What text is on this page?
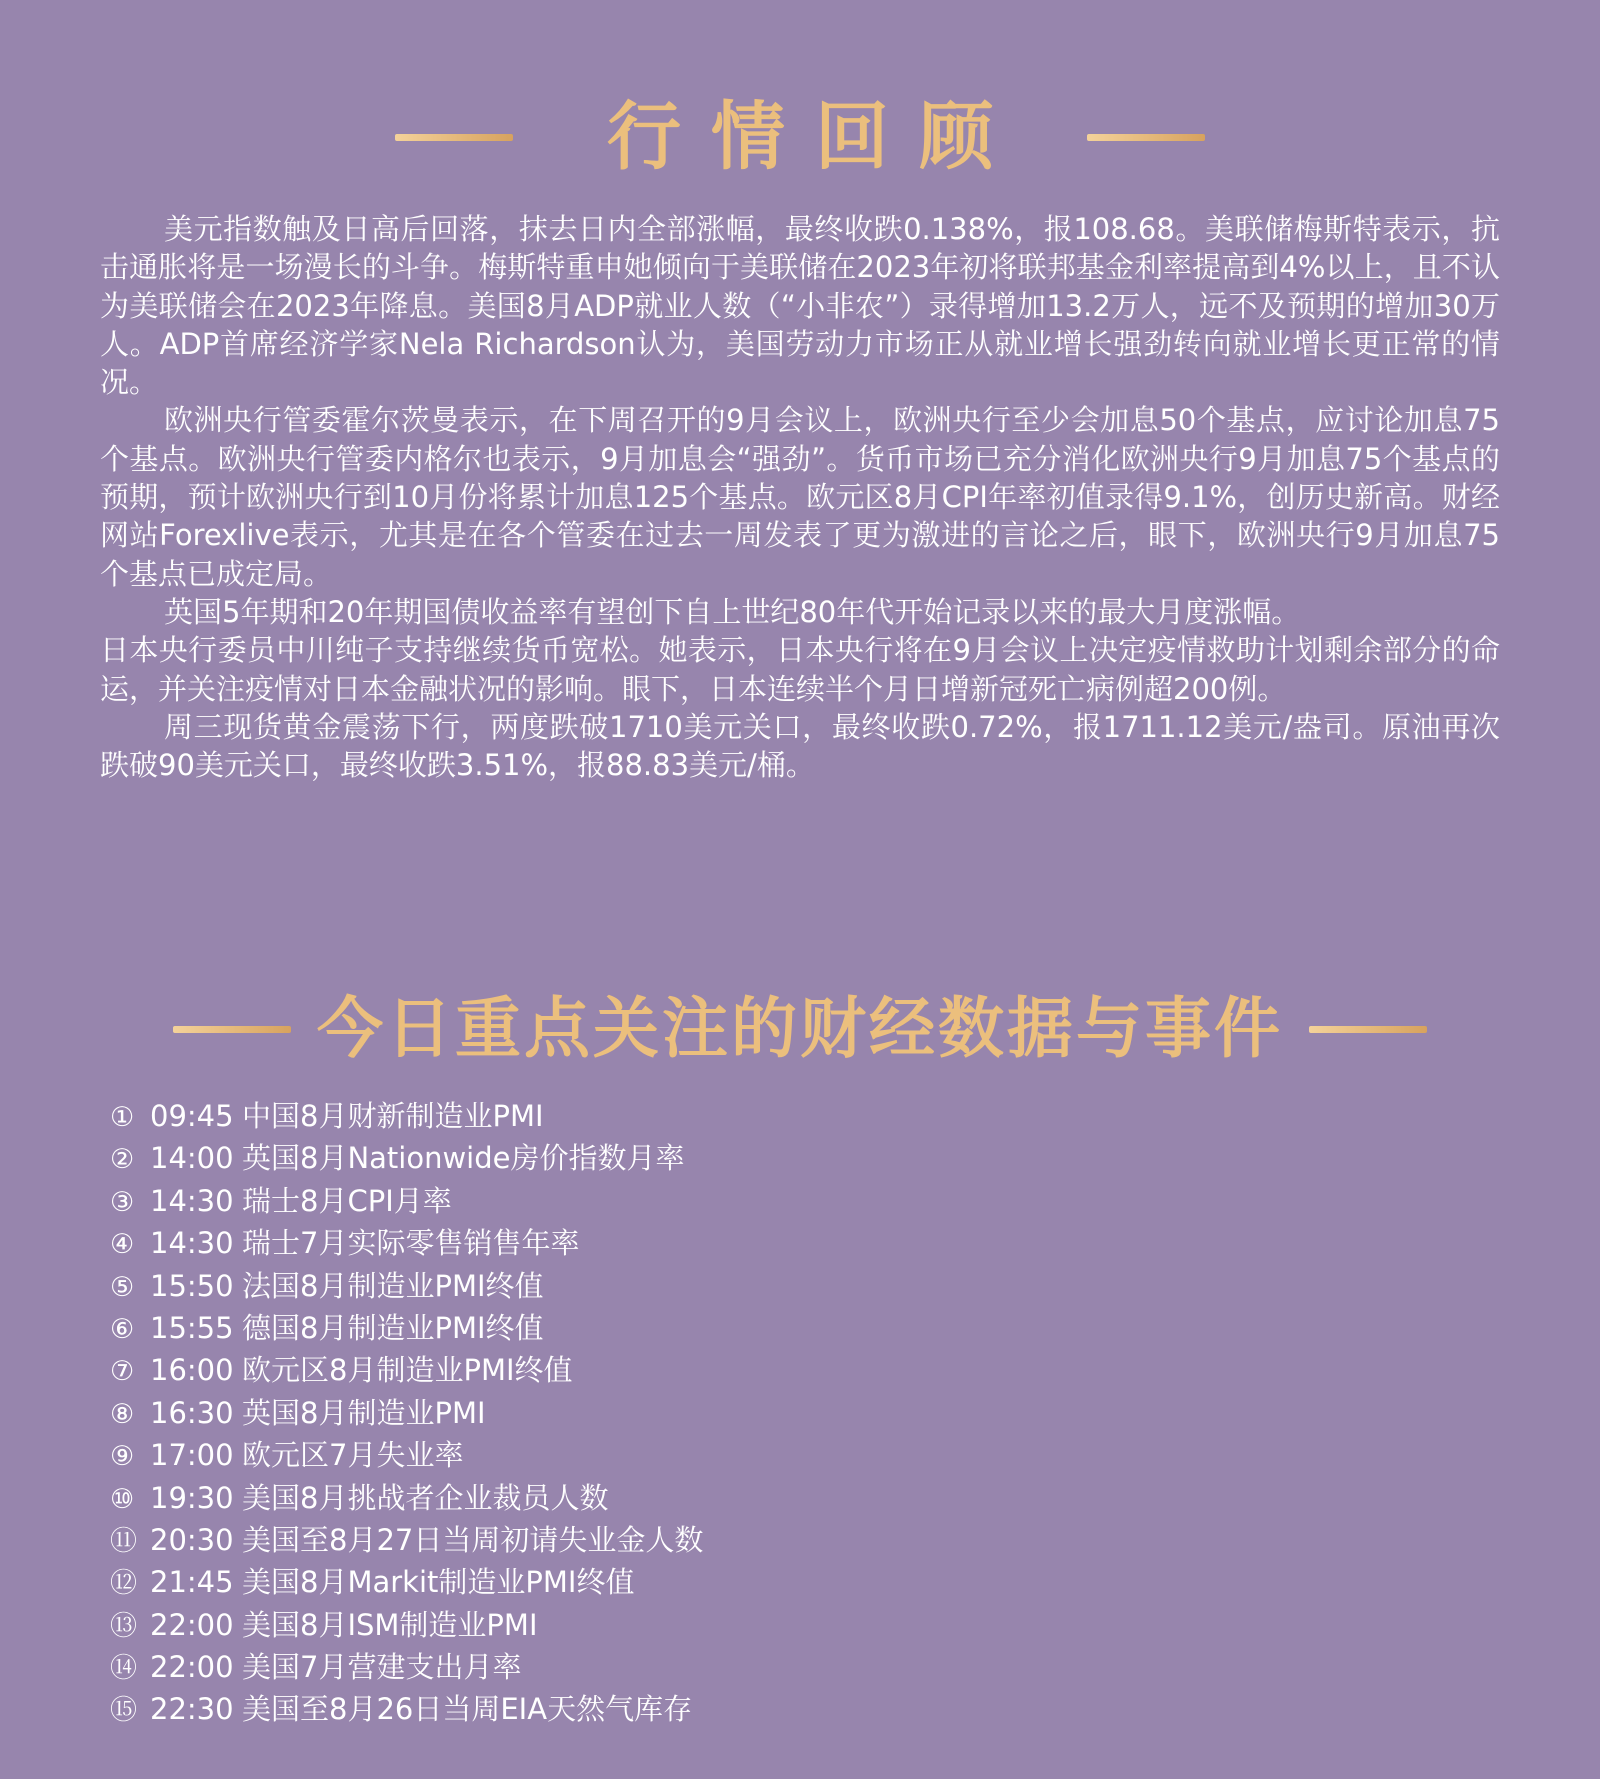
行情回顾

美元指数触及日高后回落，抹去日内全部涨幅，最终收跌0.138%，报108.68。美联储梅斯特表示，抗击通胀将是一场漫长的斗争。梅斯特重申她倾向于美联储在2023年初将联邦基金利率提高到4%以上，且不认为美联储会在2023年降息。美国8月ADP就业人数（“小非农”）录得增加13.2万人，远不及预期的增加30万人。ADP首席经济学家Nela Richardson认为，美国劳动力市场正从就业增长强劲转向就业增长更正常的情况。

欧洲央行管委霍尔茨曼表示，在下周召开的9月会议上，欧洲央行至少会加息50个基点，应讨论加息75个基点。欧洲央行管委内格尔也表示，9月加息会“强劲”。货币市场已充分消化欧洲央行9月加息75个基点的预期，预计欧洲央行到10月份将累计加息125个基点。欧元区8月CPI年率初值录得9.1%，创历史新高。财经网站Forexlive表示，尤其是在各个管委在过去一周发表了更为激进的言论之后，眼下，欧洲央行9月加息75个基点已成定局。

英国5年期和20年期国债收益率有望创下自上世纪80年代开始记录以来的最大月度涨幅。

日本央行委员中川纯子支持继续货币宽松。她表示，日本央行将在9月会议上决定疫情救助计划剩余部分的命运，并关注疫情对日本金融状况的影响。眼下，日本连续半个月日增新冠死亡病例超200例。

周三现货黄金震荡下行，两度跌破1710美元关口，最终收跌0.72%，报1711.12美元/盎司。原油再次跌破90美元关口，最终收跌3.51%，报88.83美元/桶。

今日重点关注的财经数据与事件
① 09:45 中国8月财新制造业PMI
② 14:00 英国8月Nationwide房价指数月率
③ 14:30 瑞士8月CPI月率
④ 14:30 瑞士7月实际零售销售年率
⑤ 15:50 法国8月制造业PMI终值
⑥ 15:55 德国8月制造业PMI终值
⑦ 16:00 欧元区8月制造业PMI终值
⑧ 16:30 英国8月制造业PMI
⑨ 17:00 欧元区7月失业率
⑩ 19:30 美国8月挑战者企业裁员人数
⑪ 20:30 美国至8月27日当周初请失业金人数
⑫ 21:45 美国8月Markit制造业PMI终值
⑬ 22:00 美国8月ISM制造业PMI
⑭ 22:00 美国7月营建支出月率
⑮ 22:30 美国至8月26日当周EIA天然气库存
